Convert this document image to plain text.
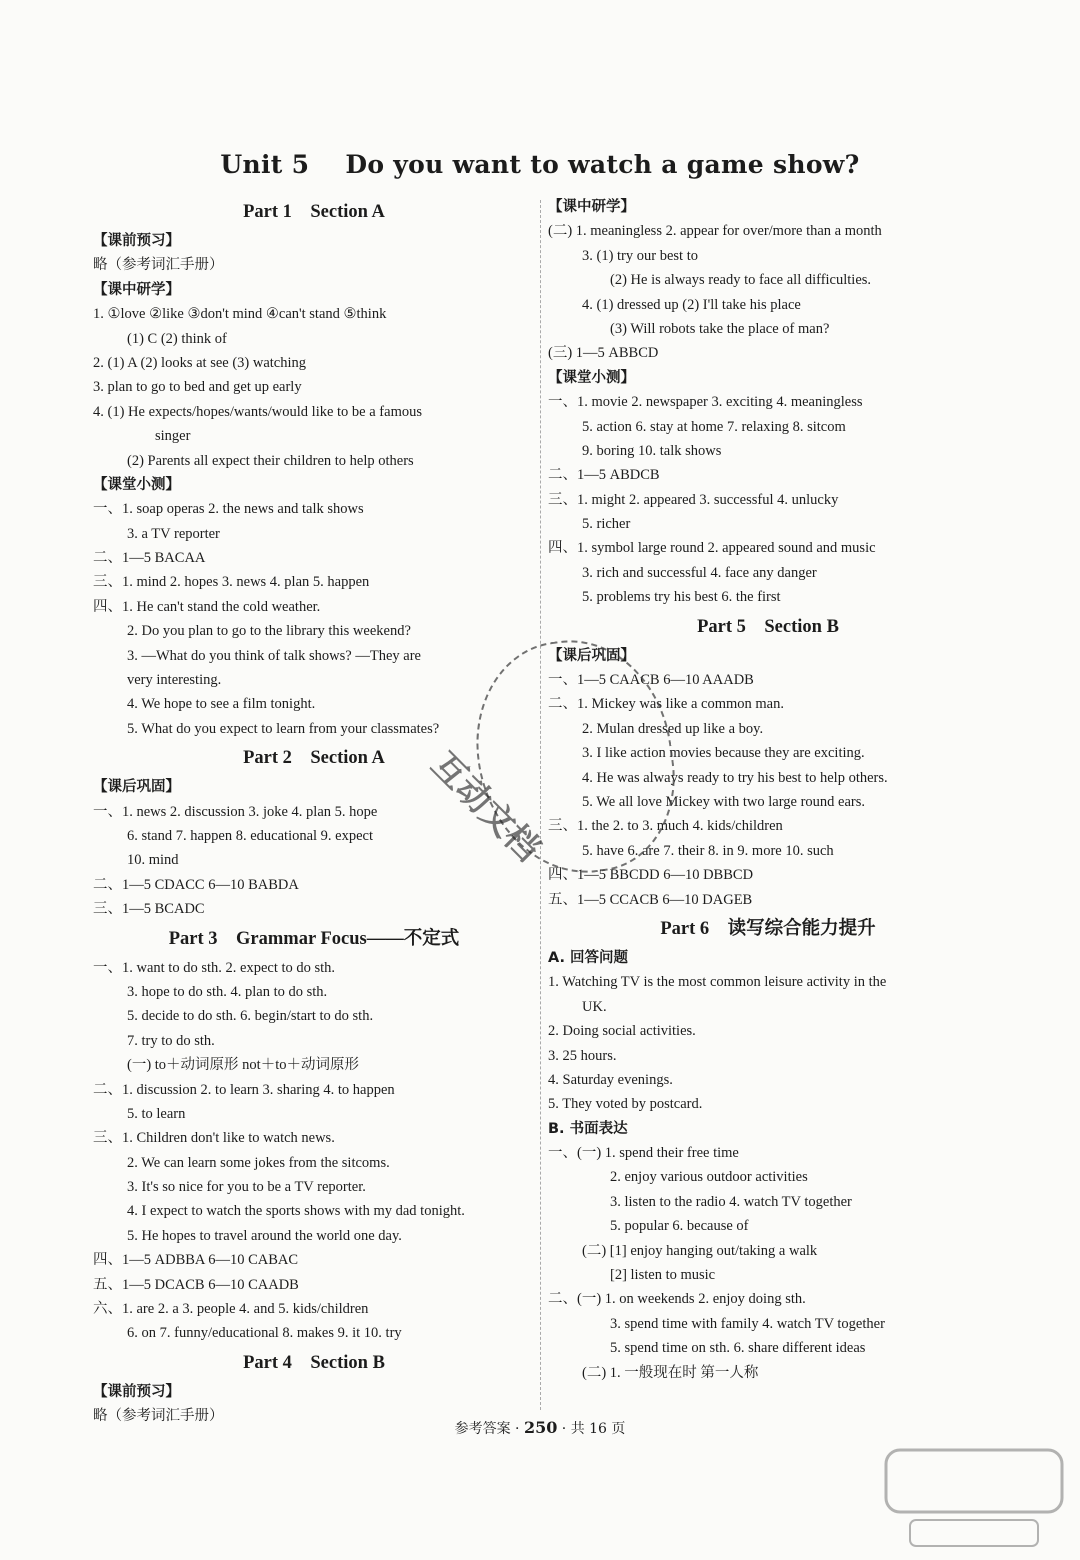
Unit 5    Do you want to watch a game show?
Part 1    Section A
【课前预习】
略（参考词汇手册）
【课中研学】
1. ①love ②like ③don't mind ④can't stand ⑤think
(1) C (2) think of
2. (1) A (2) looks at see (3) watching
3. plan to go to bed and get up early
4. (1) He expects/hopes/wants/would like to be a famous
singer
(2) Parents all expect their children to help others
【课堂小测】
一、1. soap operas 2. the news and talk shows
3. a TV reporter
二、1—5 BACAA
三、1. mind 2. hopes 3. news 4. plan 5. happen
四、1. He can't stand the cold weather.
2. Do you plan to go to the library this weekend?
3. —What do you think of talk shows? —They are
very interesting.
4. We hope to see a film tonight.
5. What do you expect to learn from your classmates?
Part 2    Section A
【课后巩固】
一、1. news 2. discussion 3. joke 4. plan 5. hope
6. stand 7. happen 8. educational 9. expect
10. mind
二、1—5 CDACC 6—10 BABDA
三、1—5 BCADC
Part 3    Grammar Focus——不定式
一、1. want to do sth. 2. expect to do sth.
3. hope to do sth. 4. plan to do sth.
5. decide to do sth. 6. begin/start to do sth.
7. try to do sth.
(一) to＋动词原形 not＋to＋动词原形
二、1. discussion 2. to learn 3. sharing 4. to happen
5. to learn
三、1. Children don't like to watch news.
2. We can learn some jokes from the sitcoms.
3. It's so nice for you to be a TV reporter.
4. I expect to watch the sports shows with my dad tonight.
5. He hopes to travel around the world one day.
四、1—5 ADBBA 6—10 CABAC
五、1—5 DCACB 6—10 CAADB
六、1. are 2. a 3. people 4. and 5. kids/children
6. on 7. funny/educational 8. makes 9. it 10. try
Part 4    Section B
【课前预习】
略（参考词汇手册）
【课中研学】
(二) 1. meaningless 2. appear for over/more than a month
3. (1) try our best to
(2) He is always ready to face all difficulties.
4. (1) dressed up (2) I'll take his place
(3) Will robots take the place of man?
(三) 1—5 ABBCD
【课堂小测】
一、1. movie 2. newspaper 3. exciting 4. meaningless
5. action 6. stay at home 7. relaxing 8. sitcom
9. boring 10. talk shows
二、1—5 ABDCB
三、1. might 2. appeared 3. successful 4. unlucky
5. richer
四、1. symbol large round 2. appeared sound and music
3. rich and successful 4. face any danger
5. problems try his best 6. the first
Part 5    Section B
【课后巩固】
一、1—5 CAACB 6—10 AAADB
二、1. Mickey was like a common man.
2. Mulan dressed up like a boy.
3. I like action movies because they are exciting.
4. He was always ready to try his best to help others.
5. We all love Mickey with two large round ears.
三、1. the 2. to 3. much 4. kids/children
5. have 6. are 7. their 8. in 9. more 10. such
四、1—5 BBCDD 6—10 DBBCD
五、1—5 CCACB 6—10 DAGEB
Part 6    读写综合能力提升
A. 回答问题
1. Watching TV is the most common leisure activity in the
UK.
2. Doing social activities.
3. 25 hours.
4. Saturday evenings.
5. They voted by postcard.
B. 书面表达
一、(一) 1. spend their free time
2. enjoy various outdoor activities
3. listen to the radio 4. watch TV together
5. popular 6. because of
(二) [1] enjoy hanging out/taking a walk
[2] listen to music
二、(一) 1. on weekends 2. enjoy doing sth.
3. spend time with family 4. watch TV together
5. spend time on sth. 6. share different ideas
(二) 1. 一般现在时 第一人称
参考答案 · 250 · 共 16 页
互动文档
